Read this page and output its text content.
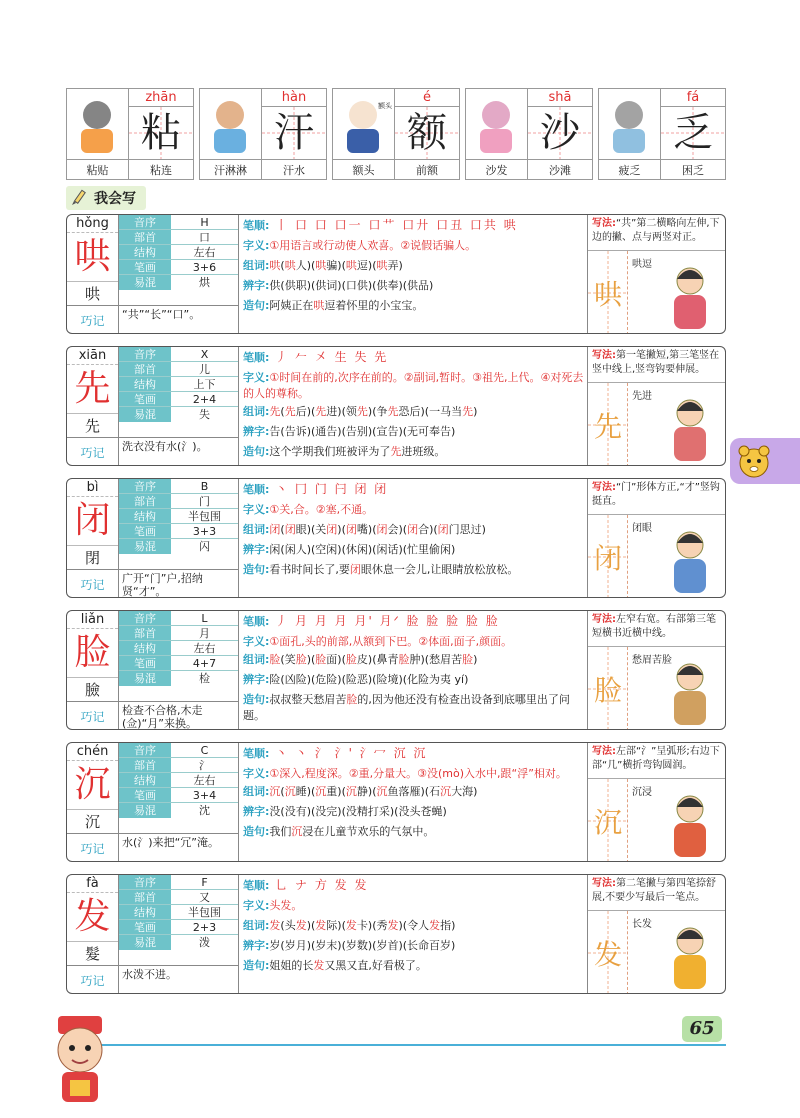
zhān
粘
粘贴	粘连
hàn
汗
汗淋淋	汗水
额头
é
额
额头	前额
shā
沙
沙发	沙滩
fá
乏
疲乏	困乏
我会写
hǒng
哄
哄
音序	H
部首	口
结构	左右
笔画	3+6
易混	烘
巧记	“共”“长”“口”。
笔顺: 丨 口 口 口一 口艹 口廾 口丑 口共 哄
字义:①用语言或行动使人欢喜。②说假话骗人。
组词:哄(哄人)(哄骗)(哄逗)(哄弄)
辨字:供(供职)(供词)(口供)(供奉)(供品)
造句:阿姨正在哄逗着怀里的小宝宝。
写法:“共”第二横略向左伸,下边的撇、点与两竖对正。
哄
哄逗
xiān
先
先
音序	X
部首	儿
结构	上下
笔画	2+4
易混	失
巧记	洗衣没有水(氵)。
笔顺: 丿 𠂉 㐅 生 失 先
字义:①时间在前的,次序在前的。②副词,暂时。③祖先,上代。④对死去的人的尊称。
组词:先(先后)(先进)(领先)(争先恐后)(一马当先)
辨字:告(告诉)(通告)(告别)(宣告)(无可奉告)
造句:这个学期我们班被评为了先进班级。
写法:第一笔撇短,第三笔竖在竖中线上,竖弯钩要伸展。
先
先进
bì
闭
閉
音序	B
部首	门
结构	半包围
笔画	3+3
易混	闪
巧记	广开“门”户,招纳贤“才”。
笔顺: 丶 冂 门 闩 闭 闭
字义:①关,合。②塞,不通。
组词:闭(闭眼)(关闭)(闭嘴)(闭会)(闭合)(闭门思过)
辨字:闲(闲人)(空闲)(休闲)(闲话)(忙里偷闲)
造句:看书时间长了,要闭眼休息一会儿,让眼睛放松放松。
写法:“门”形体方正,“才”竖钩挺直。
闭
闭眼
liǎn
脸
臉
音序	L
部首	月
结构	左右
笔画	4+7
易混	检
巧记	检查不合格,木走(佥)“月”来换。
笔顺: 丿 月 月 月 月' 月ᐟ 脸 脸 脸 脸 脸
字义:①面孔,头的前部,从额到下巴。②体面,面子,颜面。
组词:脸(笑脸)(脸面)(脸皮)(鼻青脸肿)(愁眉苦脸)
辨字:险(凶险)(危险)(险恶)(险境)(化险为夷 yí)
造句:叔叔整天愁眉苦脸的,因为他还没有检查出设备到底哪里出了问题。
写法:左窄右宽。右部第三笔短横书近横中线。
脸
愁眉苦脸
chén
沉
沉
音序	C
部首	氵
结构	左右
笔画	3+4
易混	沈
巧记	水(氵)来把“冗”淹。
笔顺: 丶 丶 氵 氵' 氵冖 沉 沉
字义:①深入,程度深。②重,分量大。③没(mò)入水中,跟“浮”相对。
组词:沉(沉睡)(沉重)(沉静)(沉鱼落雁)(石沉大海)
辨字:没(没有)(没完)(没精打采)(没头苍蝇)
造句:我们沉浸在儿童节欢乐的气氛中。
写法:左部“氵”呈弧形;右边下部“几”横折弯钩圆润。
沉
沉浸
fà
发
髮
音序	F
部首	又
结构	半包围
笔画	2+3
易混	泼
巧记	水泼不进。
笔顺: 乚 ナ 方 发 发
字义:头发。
组词:发(头发)(发际)(发卡)(秀发)(令人发指)
辨字:岁(岁月)(岁末)(岁数)(岁首)(长命百岁)
造句:姐姐的长发又黑又直,好看极了。
写法:第二笔撇与第四笔捺舒展,不要少写最后一笔点。
发
长发
65
